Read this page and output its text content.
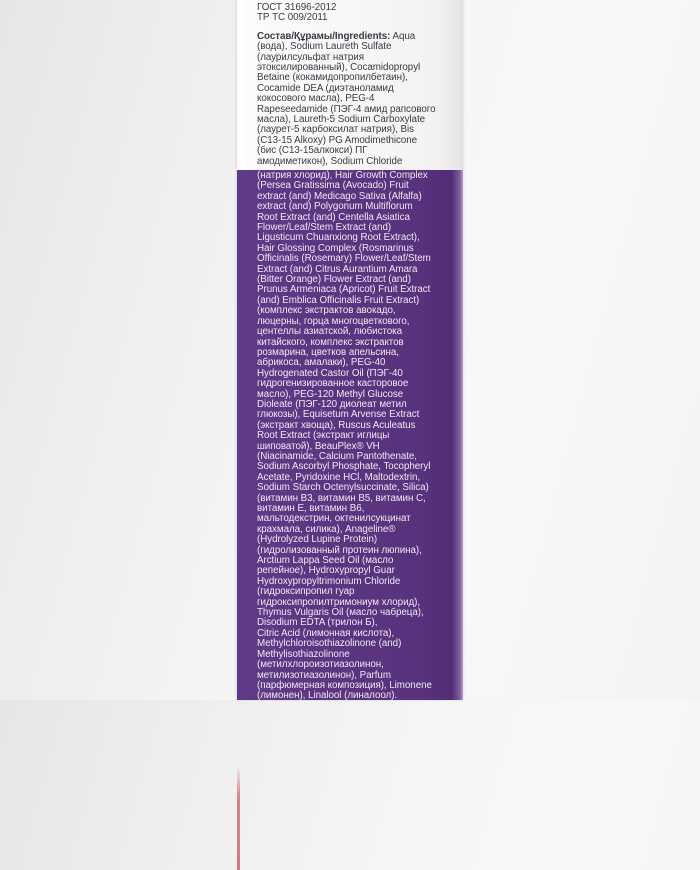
ГОСТ 31696-2012
ТР ТС 009/2011
Состав/Құрамы/Ingredients: Aqua
(вода), Sodium Laureth Sulfate
(лаурилсульфат натрия
этоксилированный), Cocamidopropyl
Betaine (кокамидопропилбетаин),
Cocamide DEA (диэтаноламид
кокосового масла), PEG-4
Rapeseedamide (ПЭГ-4 амид рапсового
масла), Laureth-5 Sodium Carboxylate
(лаурет-5 карбоксилат натрия), Bis
(C13-15 Alkoxy) PG Amodimethicone
(бис (С13-15алкокси) ПГ
амодиметикон), Sodium Chloride
(натрия хлорид), Hair Growth Complex
(Persea Gratissima (Avocado) Fruit
extract (and) Medicago Sativa (Alfalfa)
extract (and) Polygonum Multiflorum
Root Extract (and) Centella Asiatica
Flower/Leaf/Stem Extract (and)
Ligusticum Chuanxiong Root Extract),
Hair Glossing Complex (Rosmarinus
Officinalis (Rosemary) Flower/Leaf/Stem
Extract (and) Citrus Aurantium Amara
(Bitter Orange) Flower Extract (and)
Prunus Armeniaca (Apricot) Fruit Extract
(and) Emblica Officinalis Fruit Extract)
(комплекс экстрактов авокадо,
люцерны, горца многоцветкового,
центеллы азиатской, любистока
китайского, комплекс экстрактов
розмарина, цветков апельсина,
абрикоса, амалаки), PEG-40
Hydrogenated Castor Oil (ПЭГ-40
гидрогенизированное касторовое
масло), PEG-120 Methyl Glucose
Dioleate (ПЭГ-120 диолеат метил
глюкозы), Equisetum Arvense Extract
(экстракт хвоща), Ruscus Aculeatus
Root Extract (экстракт иглицы
шиповатой), BeauPlex® VH
(Niacinamide, Calcium Pantothenate,
Sodium Ascorbyl Phosphate, Tocopheryl
Acetate, Pyridoxine HCl, Maltodextrin,
Sodium Starch Octenylsuccinate, Silica)
(витамин В3, витамин В5, витамин С,
витамин Е, витамин В6,
мальтодекстрин, октенилсукцинат
крахмала, силика), Anageline®
(Hydrolyzed Lupine Protein)
(гидролизованный протеин люпина),
Arctium Lappa Seed Oil (масло
репейное), Hydroxypropyl Guar
Hydroxypropyltrimonium Chloride
(гидроксипропил гуар
гидроксипропилтримониум хлорид),
Thymus Vulgaris Oil (масло чабреца),
Disodium EDTA (трилон Б),
Citric Acid (лимонная кислота),
Methylchloroisothiazolinone (and)
Methylisothiazolinone
(метилхлороизотиазолинон,
метилизотиазолинон), Parfum
(парфюмерная композиция), Limonene
(лимонен), Linalool (линалоол).
